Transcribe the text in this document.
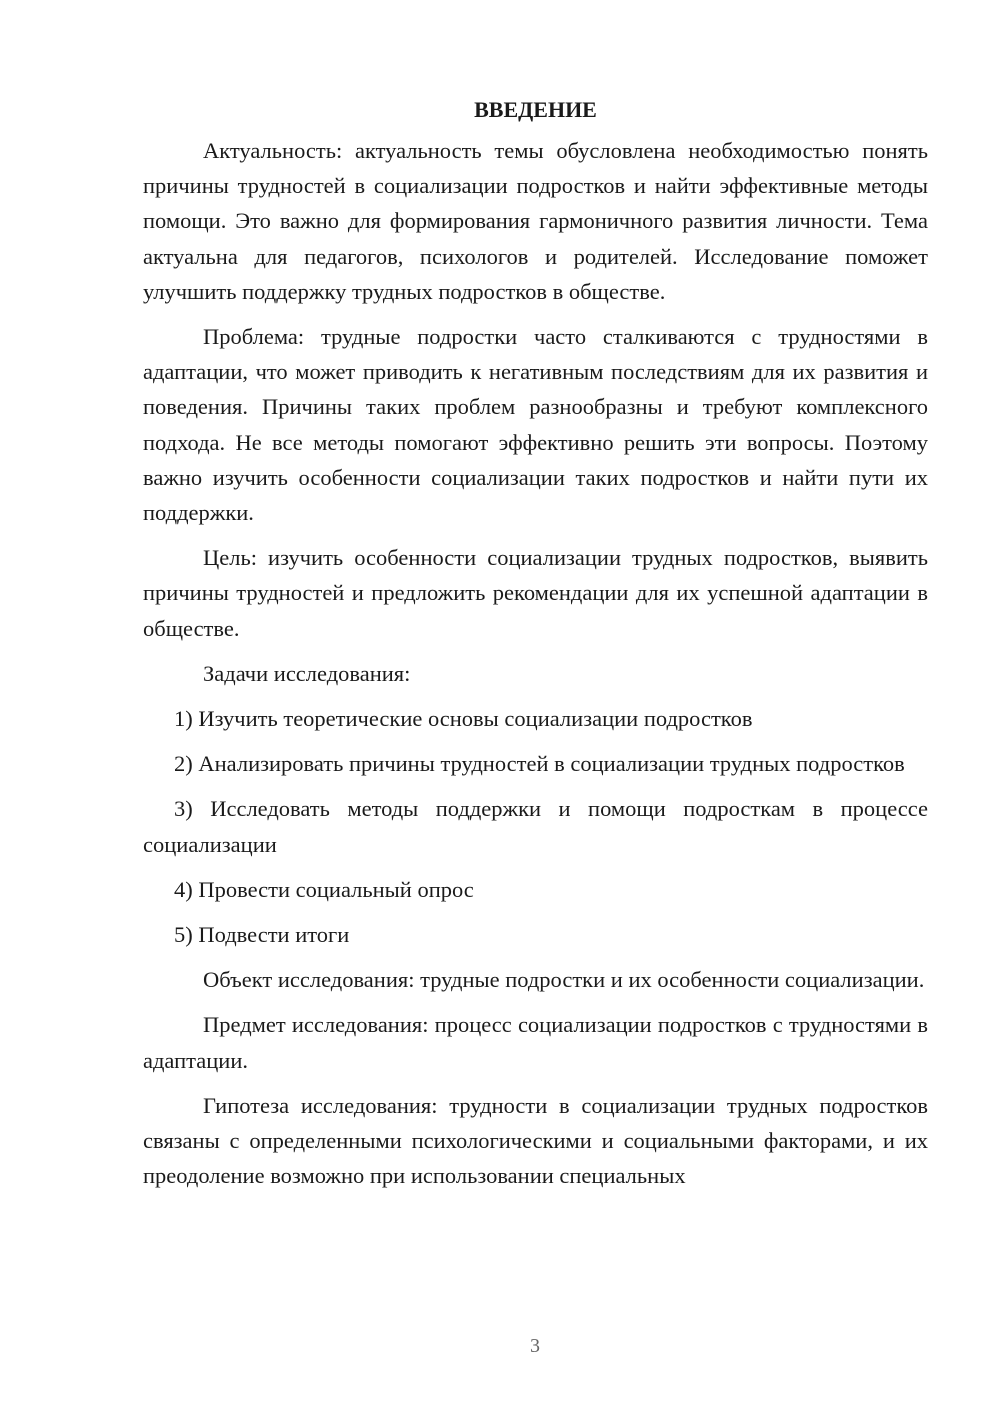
ВВЕДЕНИЕ

Актуальность: актуальность темы обусловлена необходимостью понять причины трудностей в социализации подростков и найти эффективные методы помощи. Это важно для формирования гармоничного развития личности. Тема актуальна для педагогов, психологов и родителей. Исследование поможет улучшить поддержку трудных подростков в обществе.

Проблема: трудные подростки часто сталкиваются с трудностями в адаптации, что может приводить к негативным последствиям для их развития и поведения. Причины таких проблем разнообразны и требуют комплексного подхода. Не все методы помогают эффективно решить эти вопросы. Поэтому важно изучить особенности социализации таких подростков и найти пути их поддержки.

Цель: изучить особенности социализации трудных подростков, выявить причины трудностей и предложить рекомендации для их успешной адаптации в обществе.

Задачи исследования:

1) Изучить теоретические основы социализации подростков

2) Анализировать причины трудностей в социализации трудных подростков

3) Исследовать методы поддержки и помощи подросткам в процессе социализации

4) Провести социальный опрос

5) Подвести итоги

Объект исследования: трудные подростки и их особенности социализации.

Предмет исследования: процесс социализации подростков с трудностями в адаптации.

Гипотеза исследования: трудности в социализации трудных подростков связаны с определенными психологическими и социальными факторами, и их преодоление возможно при использовании специальных

3
